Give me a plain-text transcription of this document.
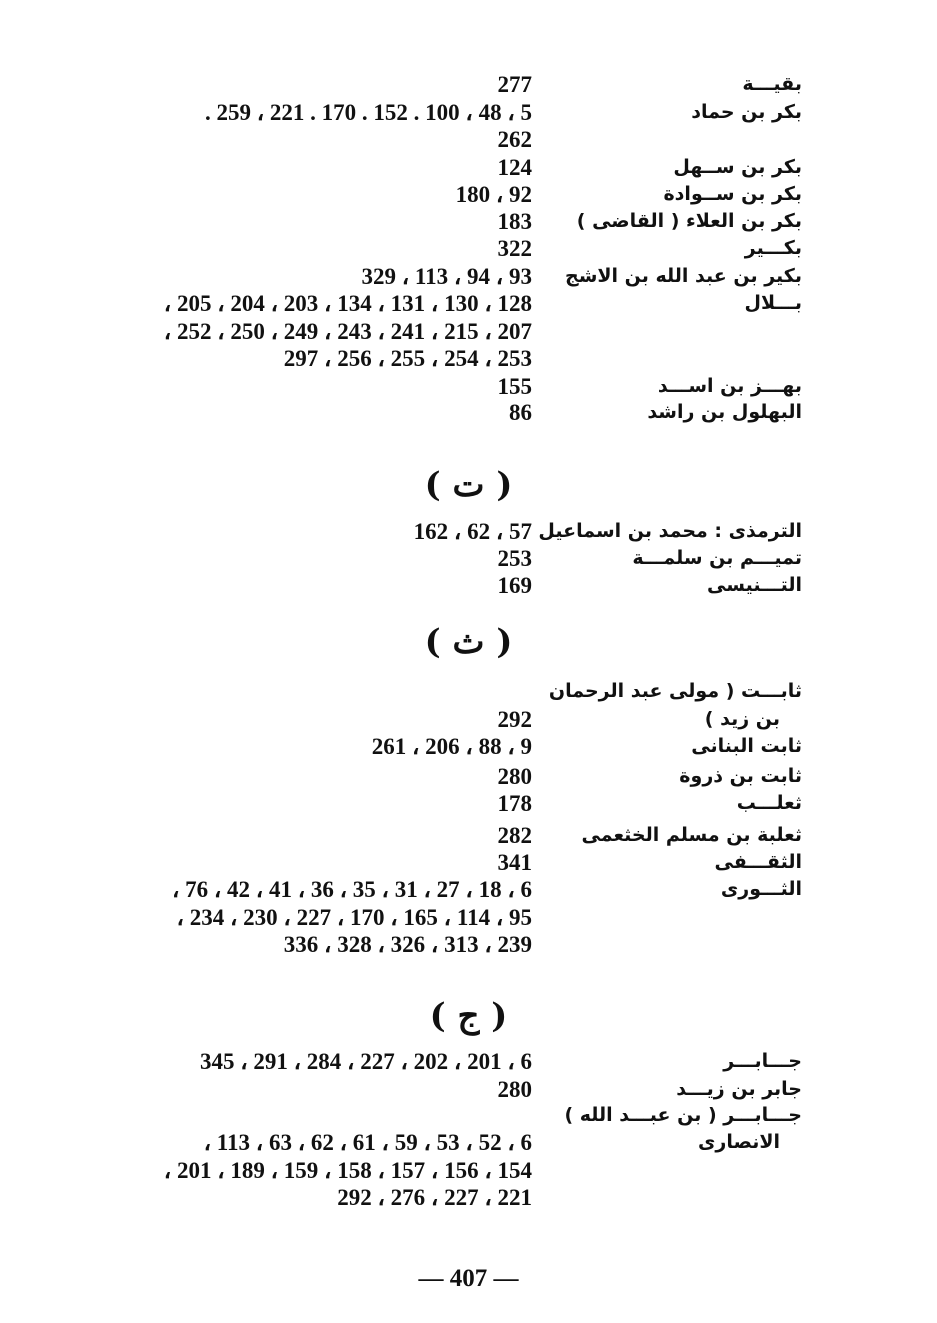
بقيـــة
277
بكر بن حماد
. 259 ، 221 . 170 . 152 . 100 ، 48 ، 5
262
بكر بن ســهل
124
بكر بن ســوادة
180 ، 92
بكر بن العلاء ( القاضى )
183
بكـــير
322
بكير بن عبد الله بن الاشج
329 ، 113 ، 94 ، 93
بـــلال
، 205 ، 204 ، 203 ، 134 ، 131 ، 130 ، 128
، 252 ، 250 ، 249 ، 243 ، 241 ، 215 ، 207
297 ، 256 ، 255 ، 254 ، 253
بهـــز بن اســـد
155
البهلول بن راشد
86
( ت )
الترمذى : محمد بن اسماعيل
162 ، 62 ، 57
تميـــم بن سلمـــة
253
التـــنيسى
169
( ث )
ثابـــت ( مولى عبد الرحمان
بن زيد )
292
ثابت البنانى
261 ، 206 ، 88 ، 9
ثابت بن ذروة
280
ثعلـــب
178
ثعلبة بن مسلم الخثعمى
282
الثقـــفى
341
الثـــورى
، 76 ، 42 ، 41 ، 36 ، 35 ، 31 ، 27 ، 18 ، 6
، 234 ، 230 ، 227 ، 170 ، 165 ، 114 ، 95
336 ، 328 ، 326 ، 313 ، 239
( ج )
جـــابـــر
345 ، 291 ، 284 ، 227 ، 202 ، 201 ، 6
جابر بن زيـــد
280
جـــابـــر ( بن عبـــد الله )
الانصارى
، 113 ، 63 ، 62 ، 61 ، 59 ، 53 ، 52 ، 6
، 201 ، 189 ، 159 ، 158 ، 157 ، 156 ، 154
292 ، 276 ، 227 ، 221
— 407 —
